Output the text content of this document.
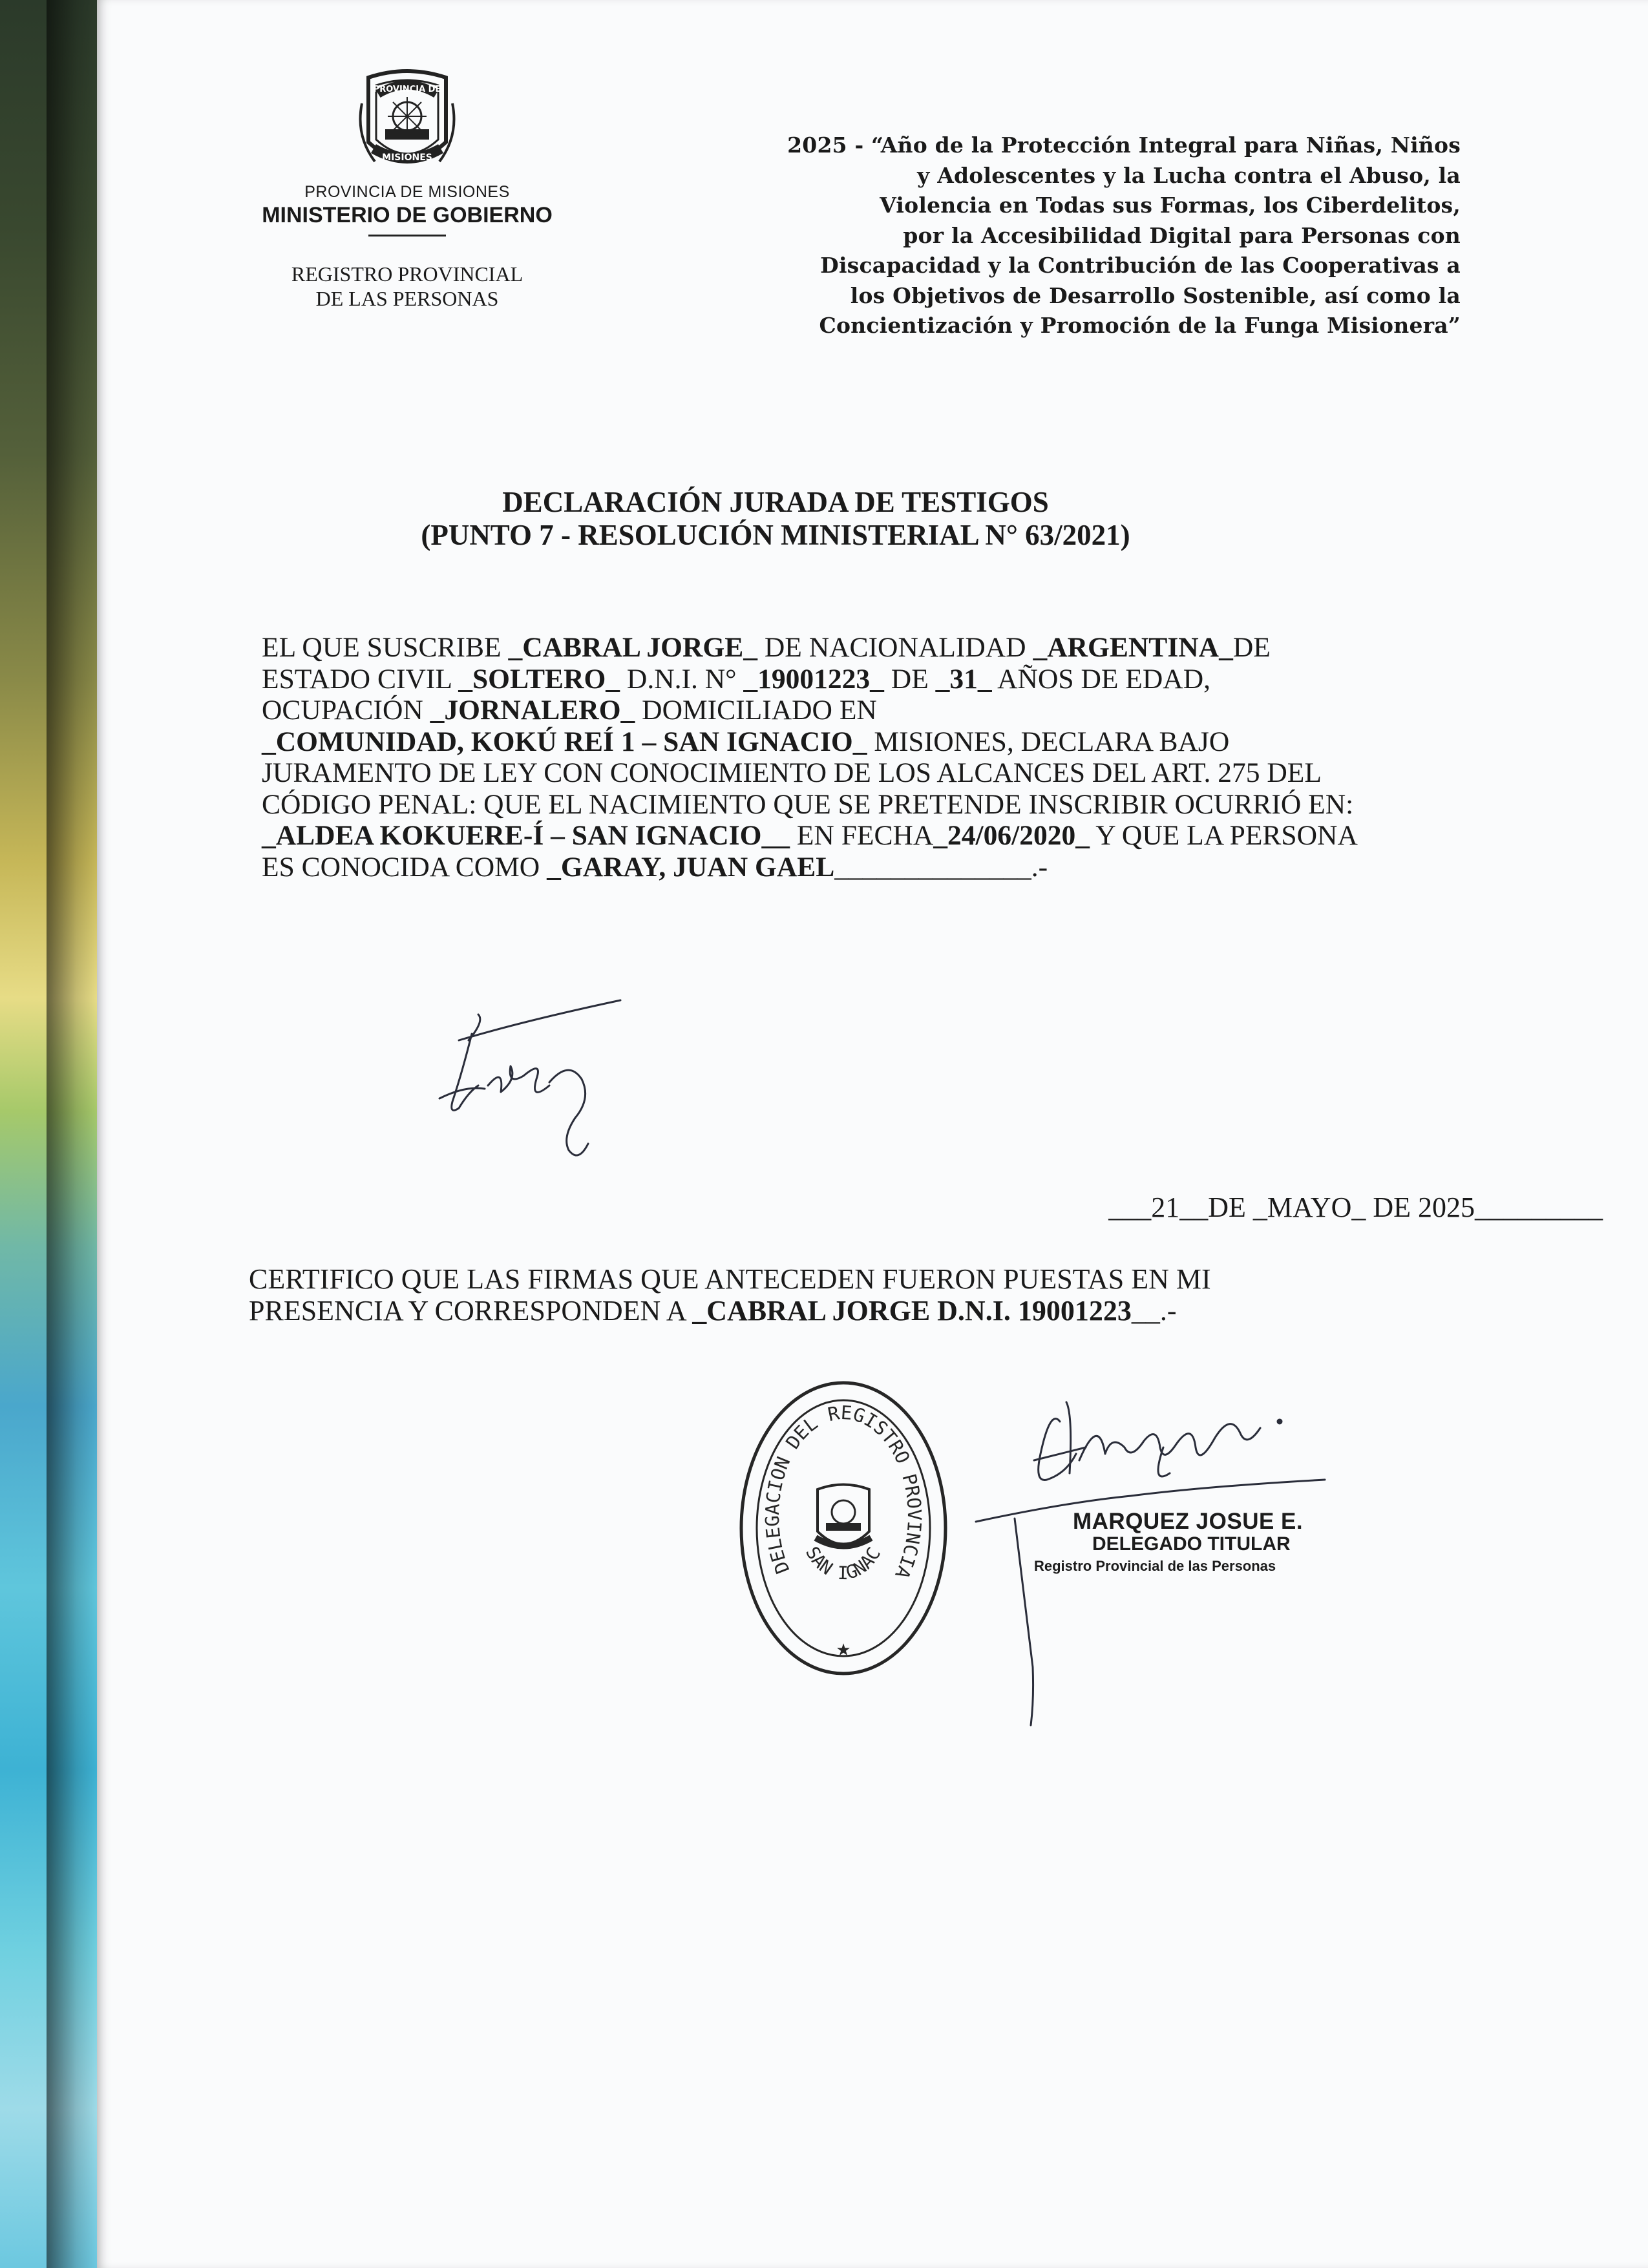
PROVINCIA DE
MISIONES
PROVINCIA DE MISIONES
MINISTERIO DE GOBIERNO
REGISTRO PROVINCIAL
DE LAS PERSONAS
2025 - “Año de la Protección Integral para Niñas, Niños
y Adolescentes y la Lucha contra el Abuso, la
Violencia en Todas sus Formas, los Ciberdelitos,
por la Accesibilidad Digital para Personas con
Discapacidad y la Contribución de las Cooperativas a
los Objetivos de Desarrollo Sostenible, así como la
Concientización y Promoción de la Funga Misionera”
DECLARACIÓN JURADA DE TESTIGOS
(PUNTO 7 - RESOLUCIÓN MINISTERIAL N° 63/2021)
EL QUE SUSCRIBE _CABRAL JORGE_ DE NACIONALIDAD _ARGENTINA_DE
ESTADO CIVIL _SOLTERO_ D.N.I. N° _19001223_ DE _31_ AÑOS DE EDAD,
OCUPACIÓN _JORNALERO_ DOMICILIADO EN
_COMUNIDAD, KOKÚ REÍ 1 – SAN IGNACIO_ MISIONES, DECLARA BAJO
JURAMENTO DE LEY CON CONOCIMIENTO DE LOS ALCANCES DEL ART. 275 DEL
CÓDIGO PENAL: QUE EL NACIMIENTO QUE SE PRETENDE INSCRIBIR OCURRIÓ EN:
_ALDEA KOKUERE-Í – SAN IGNACIO__ EN FECHA_24/06/2020_ Y QUE LA PERSONA
ES CONOCIDA COMO _GARAY, JUAN GAEL______________.-
___21__DE _MAYO_ DE 2025_________
CERTIFICO QUE LAS FIRMAS QUE ANTECEDEN FUERON PUESTAS EN MI
PRESENCIA Y CORRESPONDEN A _CABRAL JORGE D.N.I. 19001223__.-
DELEGACION DEL REGISTRO PROVINCIA
SAN IGNAC
★
MARQUEZ JOSUE E.
DELEGADO TITULAR
Registro Provincial de las Personas
